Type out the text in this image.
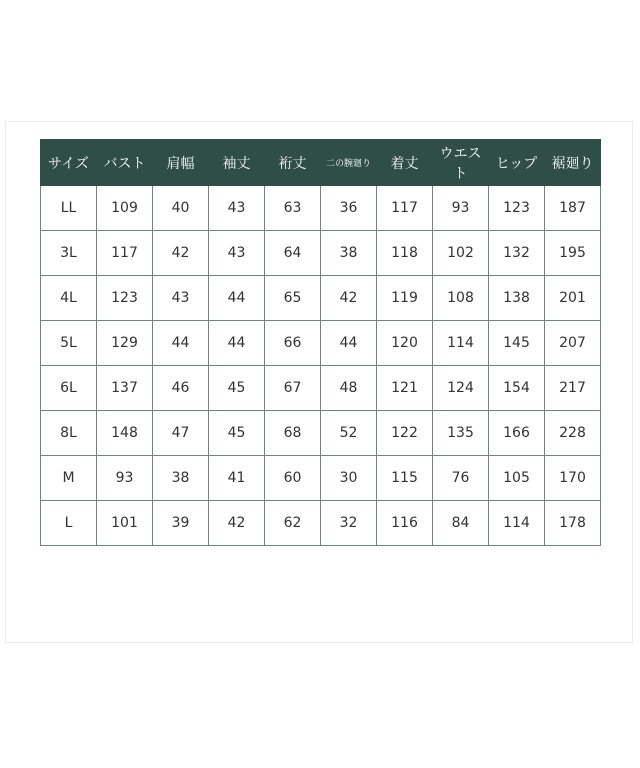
サイズ	バスト	肩幅	袖丈	裄丈	二の腕廻り	着丈	ウエスト	ヒップ	裾廻り
LL	109	40	43	63	36	117	93	123	187
3L	117	42	43	64	38	118	102	132	195
4L	123	43	44	65	42	119	108	138	201
5L	129	44	44	66	44	120	114	145	207
6L	137	46	45	67	48	121	124	154	217
8L	148	47	45	68	52	122	135	166	228
M	93	38	41	60	30	115	76	105	170
L	101	39	42	62	32	116	84	114	178
